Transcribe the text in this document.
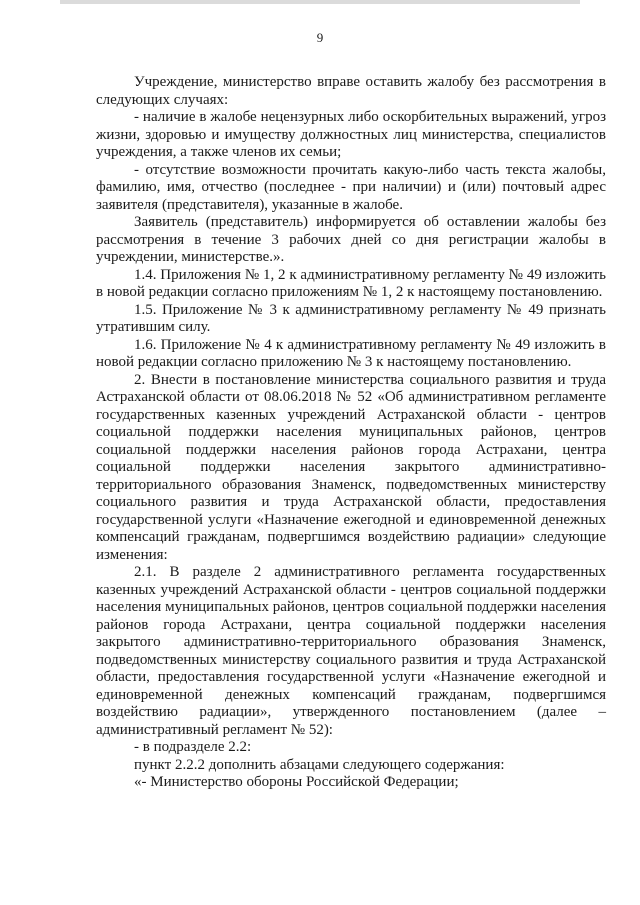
9

Учреждение, министерство вправе оставить жалобу без рассмотрения в следующих случаях:

- наличие в жалобе нецензурных либо оскорбительных выражений, угроз жизни, здоровью и имуществу должностных лиц министерства, специалистов учреждения, а также членов их семьи;

- отсутствие возможности прочитать какую-либо часть текста жалобы, фамилию, имя, отчество (последнее - при наличии) и (или) почтовый адрес заявителя (представителя), указанные в жалобе.

Заявитель (представитель) информируется об оставлении жалобы без рассмотрения в течение 3 рабочих дней со дня регистрации жалобы в учреждении, министерстве.».

1.4. Приложения № 1, 2 к административному регламенту № 49 изложить в новой редакции согласно приложениям № 1, 2 к настоящему постановлению.

1.5. Приложение № 3 к административному регламенту № 49 признать утратившим силу.

1.6. Приложение № 4 к административному регламенту № 49 изложить в новой редакции согласно приложению № 3 к настоящему постановлению.

2. Внести в постановление министерства социального развития и труда Астраханской области от 08.06.2018 № 52 «Об административном регламенте государственных казенных учреждений Астраханской области - центров социальной поддержки населения муниципальных районов, центров социальной поддержки населения районов города Астрахани, центра социальной поддержки населения закрытого административно-территориального образования Знаменск, подведомственных министерству социального развития и труда Астраханской области, предоставления государственной услуги «Назначение ежегодной и единовременной денежных компенсаций гражданам, подвергшимся воздействию радиации» следующие изменения:

2.1. В разделе 2 административного регламента государственных казенных учреждений Астраханской области - центров социальной поддержки населения муниципальных районов, центров социальной поддержки населения районов города Астрахани, центра социальной поддержки населения закрытого административно-территориального образования Знаменск, подведомственных министерству социального развития и труда Астраханской области, предоставления государственной услуги «Назначение ежегодной и единовременной денежных компенсаций гражданам, подвергшимся воздействию радиации», утвержденного постановлением (далее – административный регламент № 52):

- в подразделе 2.2:

пункт 2.2.2 дополнить абзацами следующего содержания:

«- Министерство обороны Российской Федерации;
